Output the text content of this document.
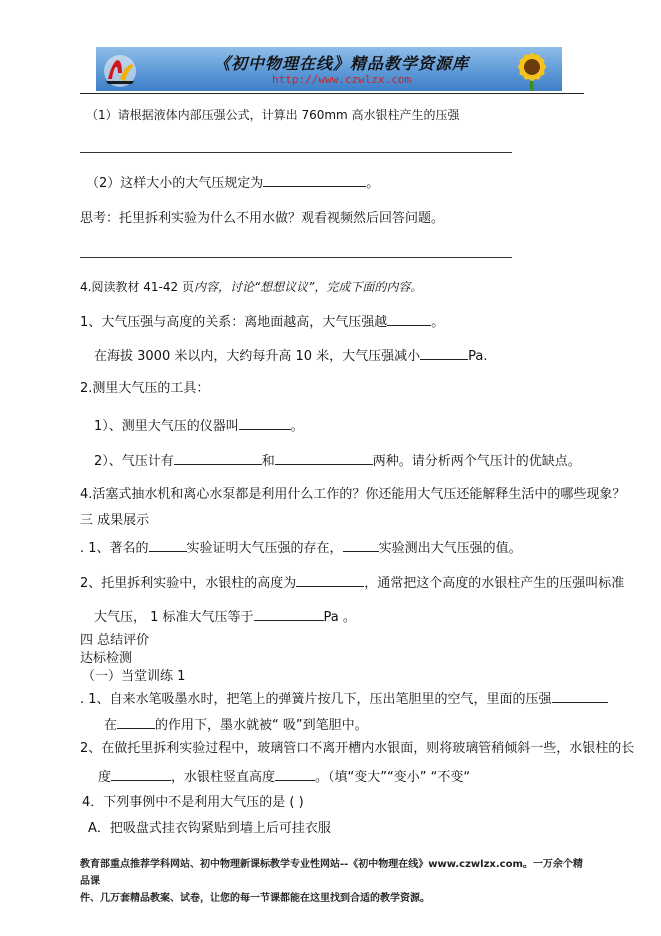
《初中物理在线》精品教学资源库
http://www.czwlzx.com
（1）请根据液体内部压强公式，计算出 760mm 高水银柱产生的压强
（2）这样大小的大气压规定为	。
思考：托里拆利实验为什么不用水做？观看视频然后回答问题。
4.阅读教材 41-42 页内容，讨论“想想议议”，完成下面的内容。
1、大气压强与高度的关系：离地面越高，大气压强越	。
在海拔 3000 米以内，大约每升高 10 米，大气压强减小	Pa.
2.测里大气压的工具：
1）、测里大气压的仪器叫	。
2）、气压计有	和	两种。请分析两个气压计的优缺点。
4.活塞式抽水机和离心水泵都是利用什么工作的？你还能用大气压还能解释生活中的哪些现象？
三 成果展示
. 1、著名的	实验证明大气压强的存在，	实验测出大气压强的值。
2、托里拆利实验中，水银柱的高度为	，通常把这个高度的水银柱产生的压强叫标准
大气压， 1 标准大气压等于	Pa 。
四 总结评价
达标检测
（一）当堂训练 1
. 1、自来水笔吸墨水时，把笔上的弹簧片按几下，压出笔胆里的空气，里面的压强
在	的作用下，墨水就被“ 吸”到笔胆中。
2、在做托里拆利实验过程中，玻璃管口不离开槽内水银面，则将玻璃管稍倾斜一些，水银柱的长
度	，水银柱竖直高度	。（填“变大”“变小” “不变“
4．下列事例中不是利用大气压的是 ( )
A．把吸盘式挂衣钩紧贴到墙上后可挂衣服
教育部重点推荐学科网站、初中物理新课标教学专业性网站--《初中物理在线》www.czwlzx.com。一万余个精品课
件、几万套精品教案、试卷，让您的每一节课都能在这里找到合适的教学资源。
